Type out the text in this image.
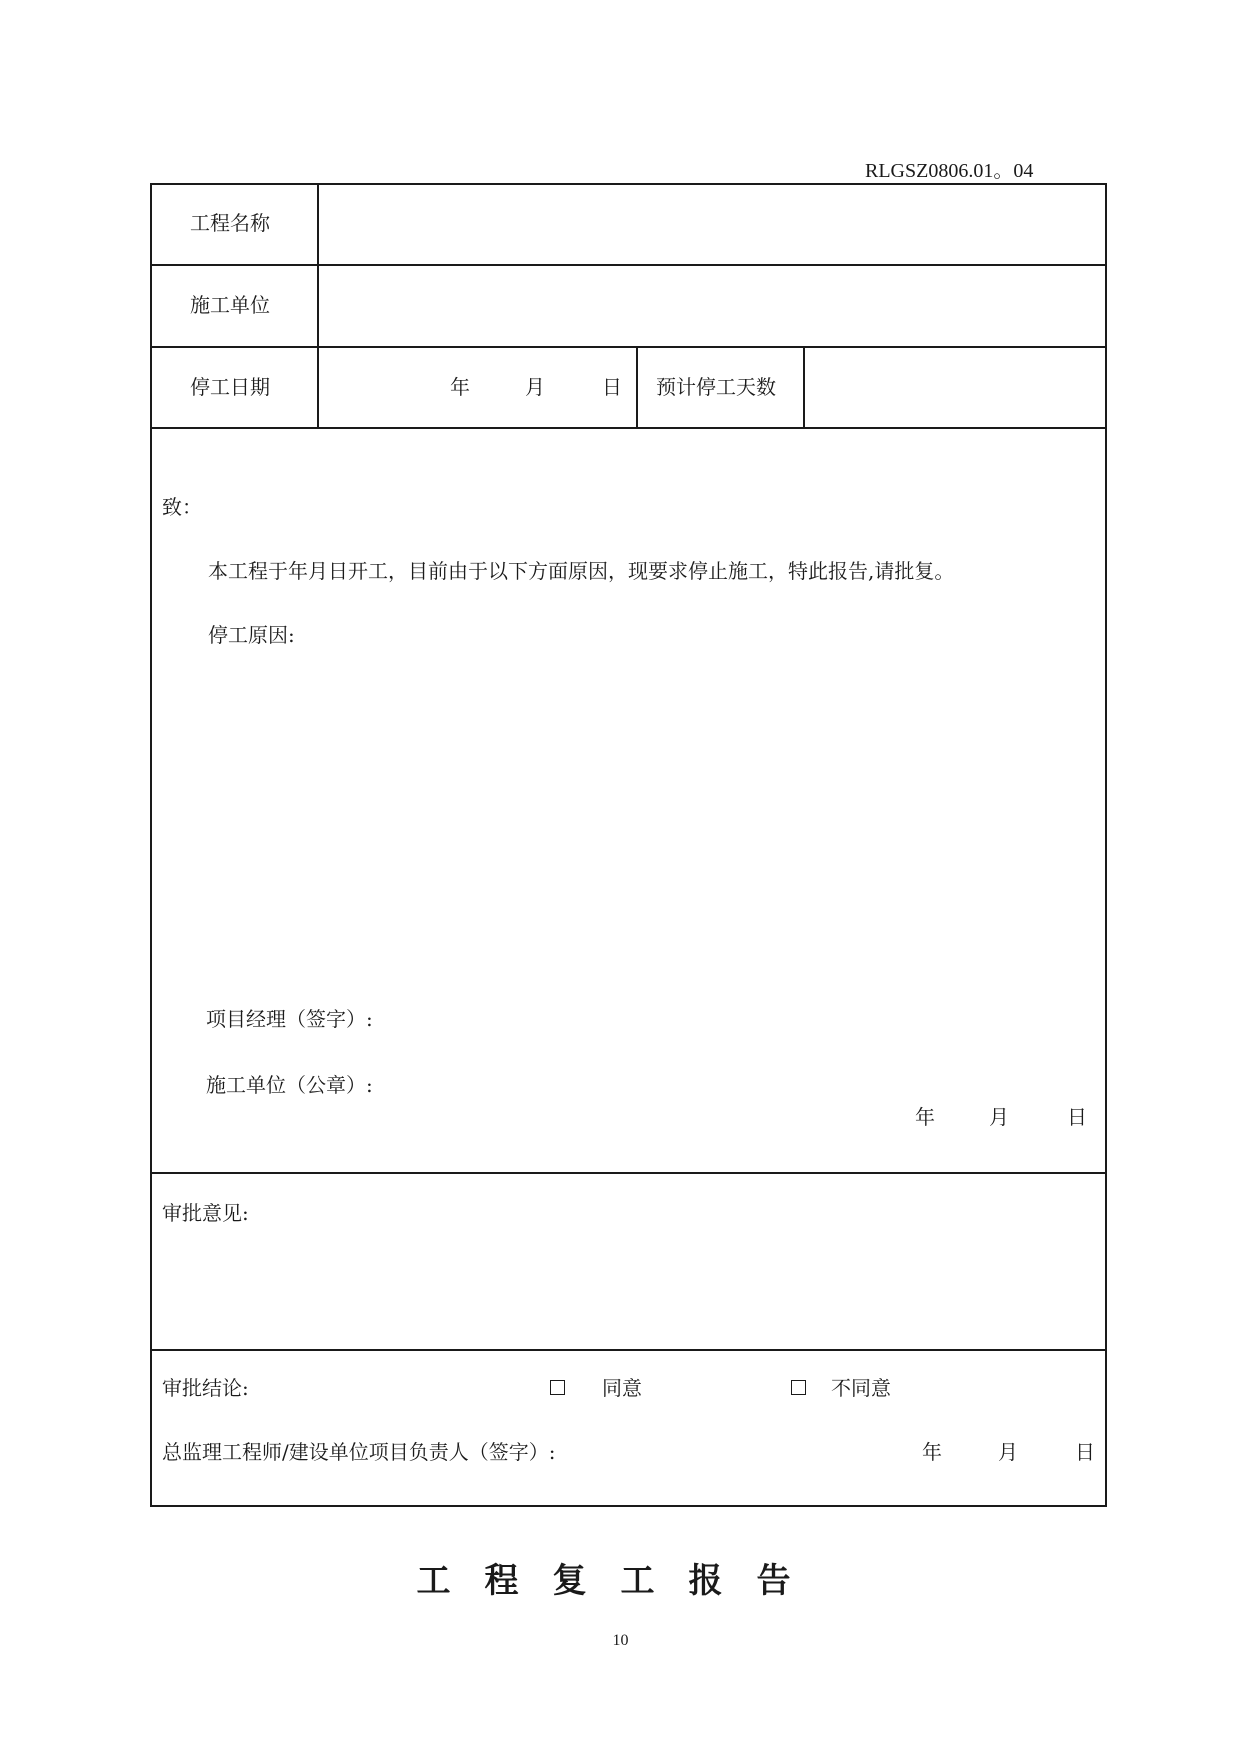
RLGSZ0806.01。04
工程名称
施工单位
停工日期	年	月	日 预计停工天数
致：
本工程于年月日开工，目前由于以下方面原因，现要求停止施工，特此报告,请批复。
停工原因:
项目经理（签字）:
施工单位（公章）:
年	月	日
审批意见:
审批结论:	同意	不同意
总监理工程师/建设单位项目负责人（签字）:	年	月	日
工程复工报告
10
